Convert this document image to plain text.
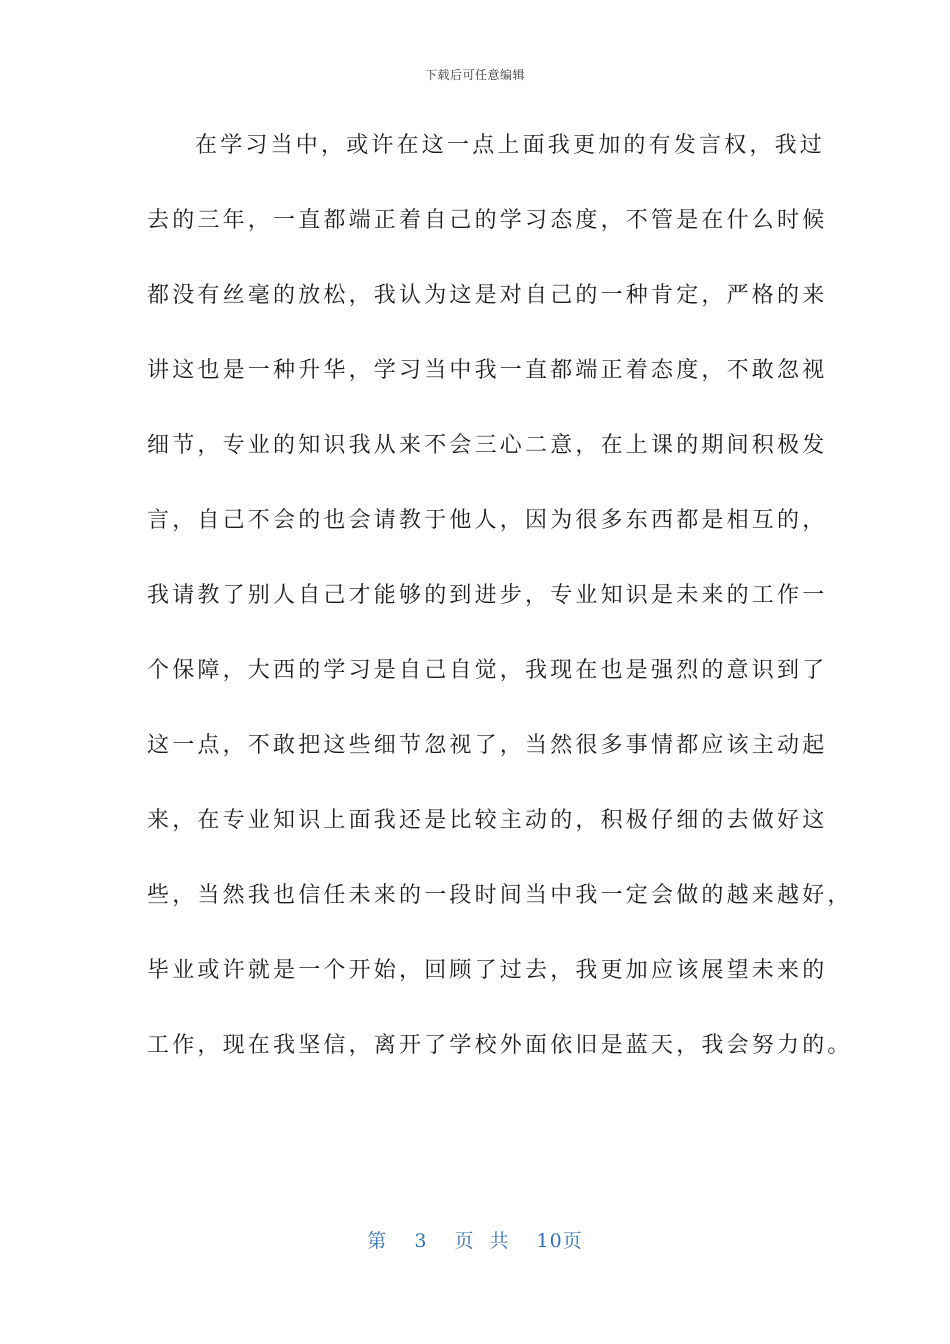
下载后可任意编辑
在学习当中，或许在这一点上面我更加的有发言权，我过
去的三年，一直都端正着自己的学习态度，不管是在什么时候
都没有丝毫的放松，我认为这是对自己的一种肯定，严格的来
讲这也是一种升华，学习当中我一直都端正着态度，不敢忽视
细节，专业的知识我从来不会三心二意，在上课的期间积极发
言，自己不会的也会请教于他人，因为很多东西都是相互的，
我请教了别人自己才能够的到进步，专业知识是未来的工作一
个保障，大西的学习是自己自觉，我现在也是强烈的意识到了
这一点，不敢把这些细节忽视了，当然很多事情都应该主动起
来，在专业知识上面我还是比较主动的，积极仔细的去做好这
些，当然我也信任未来的一段时间当中我一定会做的越来越好，
毕业或许就是一个开始，回顾了过去，我更加应该展望未来的
工作，现在我坚信，离开了学校外面依旧是蓝天，我会努力的。
第 3 页 共 10页
